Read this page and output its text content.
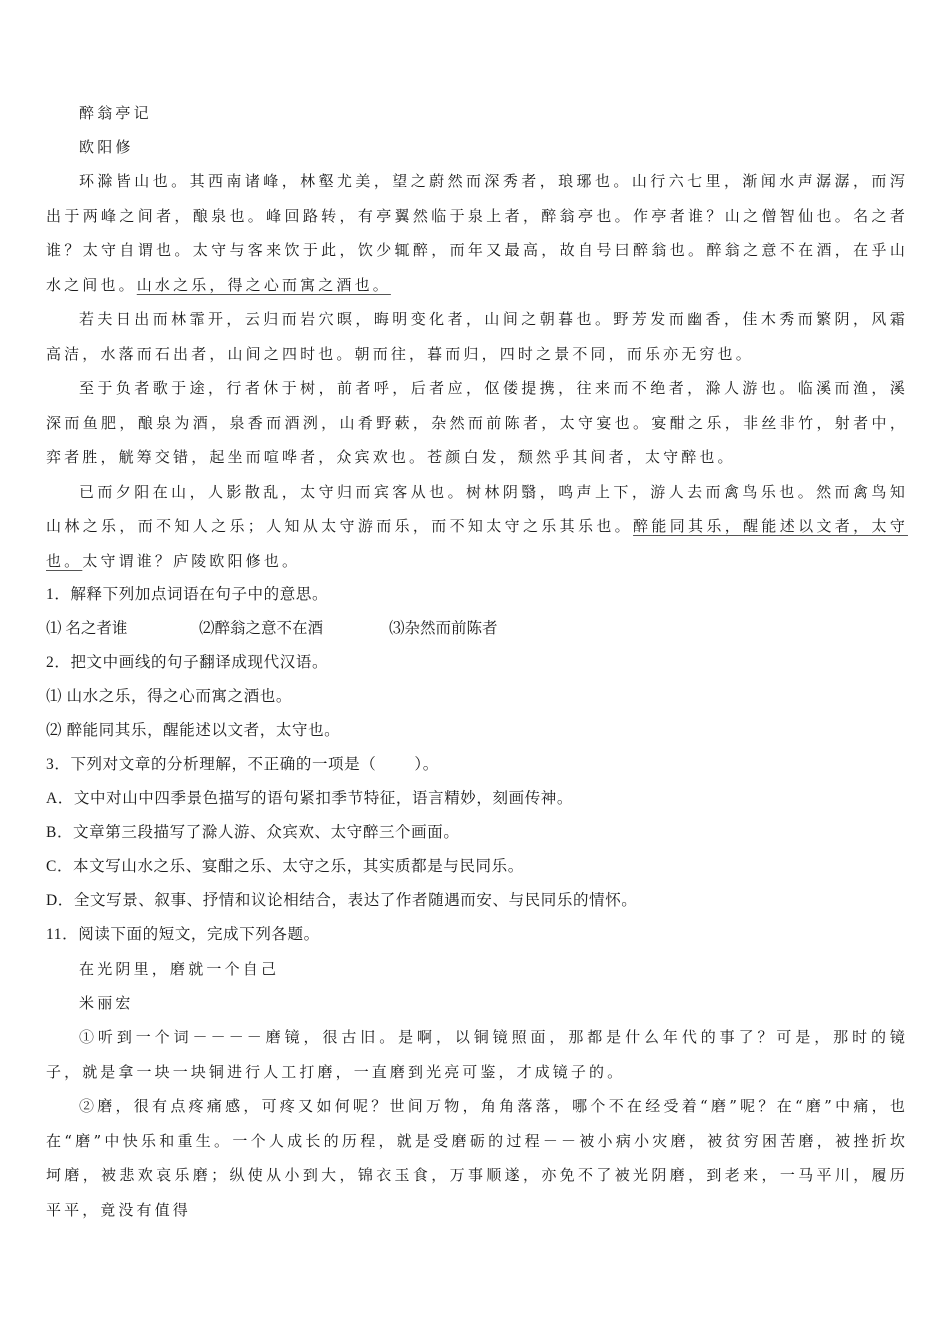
醉翁亭记
欧阳修
环滁皆山也。其西南诸峰，林壑尤美，望之蔚然而深秀者，琅琊也。山行六七里，渐闻水声潺潺，而泻出于两峰之间者，酿泉也。峰回路转，有亭翼然临于泉上者，醉翁亭也。作亭者谁？山之僧智仙也。名之者谁？太守自谓也。太守与客来饮于此，饮少辄醉，而年又最高，故自号曰醉翁也。醉翁之意不在酒，在乎山水之间也。山水之乐，得之心而寓之酒也。
若夫日出而林霏开，云归而岩穴暝，晦明变化者，山间之朝暮也。野芳发而幽香，佳木秀而繁阴，风霜高洁，水落而石出者，山间之四时也。朝而往，暮而归，四时之景不同，而乐亦无穷也。
至于负者歌于途，行者休于树，前者呼，后者应，伛偻提携，往来而不绝者，滁人游也。临溪而渔，溪深而鱼肥，酿泉为酒，泉香而酒洌，山肴野蔌，杂然而前陈者，太守宴也。宴酣之乐，非丝非竹，射者中，弈者胜，觥筹交错，起坐而喧哗者，众宾欢也。苍颜白发，颓然乎其间者，太守醉也。
已而夕阳在山，人影散乱，太守归而宾客从也。树林阴翳，鸣声上下，游人去而禽鸟乐也。然而禽鸟知山林之乐，而不知人之乐；人知从太守游而乐，而不知太守之乐其乐也。醉能同其乐，醒能述以文者，太守也。太守谓谁？庐陵欧阳修也。
1．解释下列加点词语在句子中的意思。
⑴ 名之者谁	⑵醉翁之意不在酒	⑶杂然而前陈者
2．把文中画线的句子翻译成现代汉语。
⑴ 山水之乐，得之心而寓之酒也。
⑵ 醉能同其乐，醒能述以文者，太守也。
3．下列对文章的分析理解，不正确的一项是（ ）。
A．文中对山中四季景色描写的语句紧扣季节特征，语言精妙，刻画传神。
B．文章第三段描写了滁人游、众宾欢、太守醉三个画面。
C．本文写山水之乐、宴酣之乐、太守之乐，其实质都是与民同乐。
D．全文写景、叙事、抒情和议论相结合，表达了作者随遇而安、与民同乐的情怀。
11．阅读下面的短文，完成下列各题。
在光阴里，磨就一个自己
米丽宏
①听到一个词－－－－磨镜，很古旧。是啊，以铜镜照面，那都是什么年代的事了？可是，那时的镜子，就是拿一块一块铜进行人工打磨，一直磨到光亮可鉴，才成镜子的。
②磨，很有点疼痛感，可疼又如何呢？世间万物，角角落落，哪个不在经受着“磨”呢？在“磨”中痛，也在“磨”中快乐和重生。一个人成长的历程，就是受磨砺的过程－－被小病小灾磨，被贫穷困苦磨，被挫折坎坷磨，被悲欢哀乐磨；纵使从小到大，锦衣玉食，万事顺遂，亦免不了被光阴磨，到老来，一马平川，履历平平，竟没有值得
